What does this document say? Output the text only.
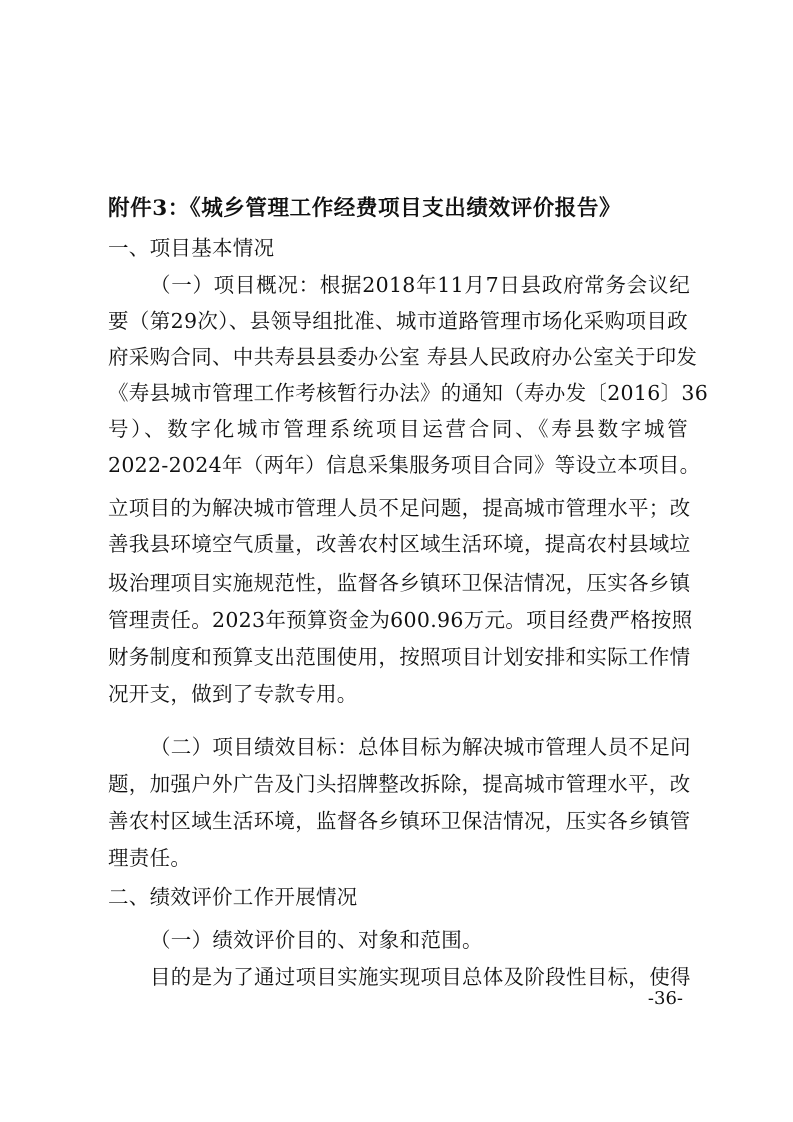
附件3：《城乡管理工作经费项目支出绩效评价报告》
一、项目基本情况
（一）项目概况：根据2018年11月7日县政府常务会议纪
要（第29次）、县领导组批准、城市道路管理市场化采购项目政
府采购合同、中共寿县县委办公室 寿县人民政府办公室关于印发
《寿县城市管理工作考核暂行办法》的通知（寿办发〔2016〕36
号）、数字化城市管理系统项目运营合同、《寿县数字城管
2022-2024年（两年）信息采集服务项目合同》等设立本项目。
立项目的为解决城市管理人员不足问题，提高城市管理水平；改
善我县环境空气质量，改善农村区域生活环境，提高农村县域垃
圾治理项目实施规范性，监督各乡镇环卫保洁情况，压实各乡镇
管理责任。2023年预算资金为600.96万元。项目经费严格按照
财务制度和预算支出范围使用，按照项目计划安排和实际工作情
况开支，做到了专款专用。
（二）项目绩效目标：总体目标为解决城市管理人员不足问
题，加强户外广告及门头招牌整改拆除，提高城市管理水平，改
善农村区域生活环境，监督各乡镇环卫保洁情况，压实各乡镇管
理责任。
二、绩效评价工作开展情况
（一）绩效评价目的、对象和范围。
目的是为了通过项目实施实现项目总体及阶段性目标，使得
-36-
